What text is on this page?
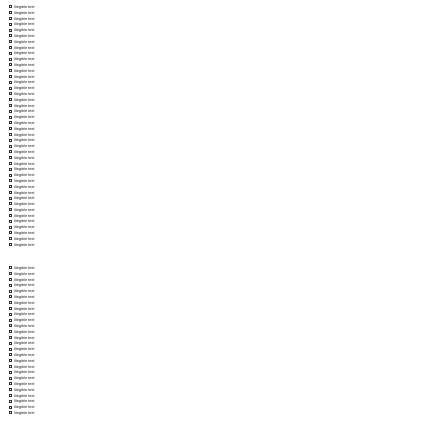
Illegible text
Illegible text
Illegible text
Illegible text
Illegible text
Illegible text
Illegible text
Illegible text
Illegible text
Illegible text
Illegible text
Illegible text
Illegible text
Illegible text
Illegible text
Illegible text
Illegible text
Illegible text
Illegible text
Illegible text
Illegible text
Illegible text
Illegible text
Illegible text
Illegible text
Illegible text
Illegible text
Illegible text
Illegible text
Illegible text
Illegible text
Illegible text
Illegible text
Illegible text
Illegible text
Illegible text
Illegible text
Illegible text
Illegible text
Illegible text
Illegible text
Illegible text
Illegible text
Illegible text
Illegible text
Illegible text
Illegible text
Illegible text
Illegible text
Illegible text
Illegible text
Illegible text
Illegible text
Illegible text
Illegible text
Illegible text
Illegible text
Illegible text
Illegible text
Illegible text
Illegible text
Illegible text
Illegible text
Illegible text
Illegible text
Illegible text
Illegible text
Illegible text
